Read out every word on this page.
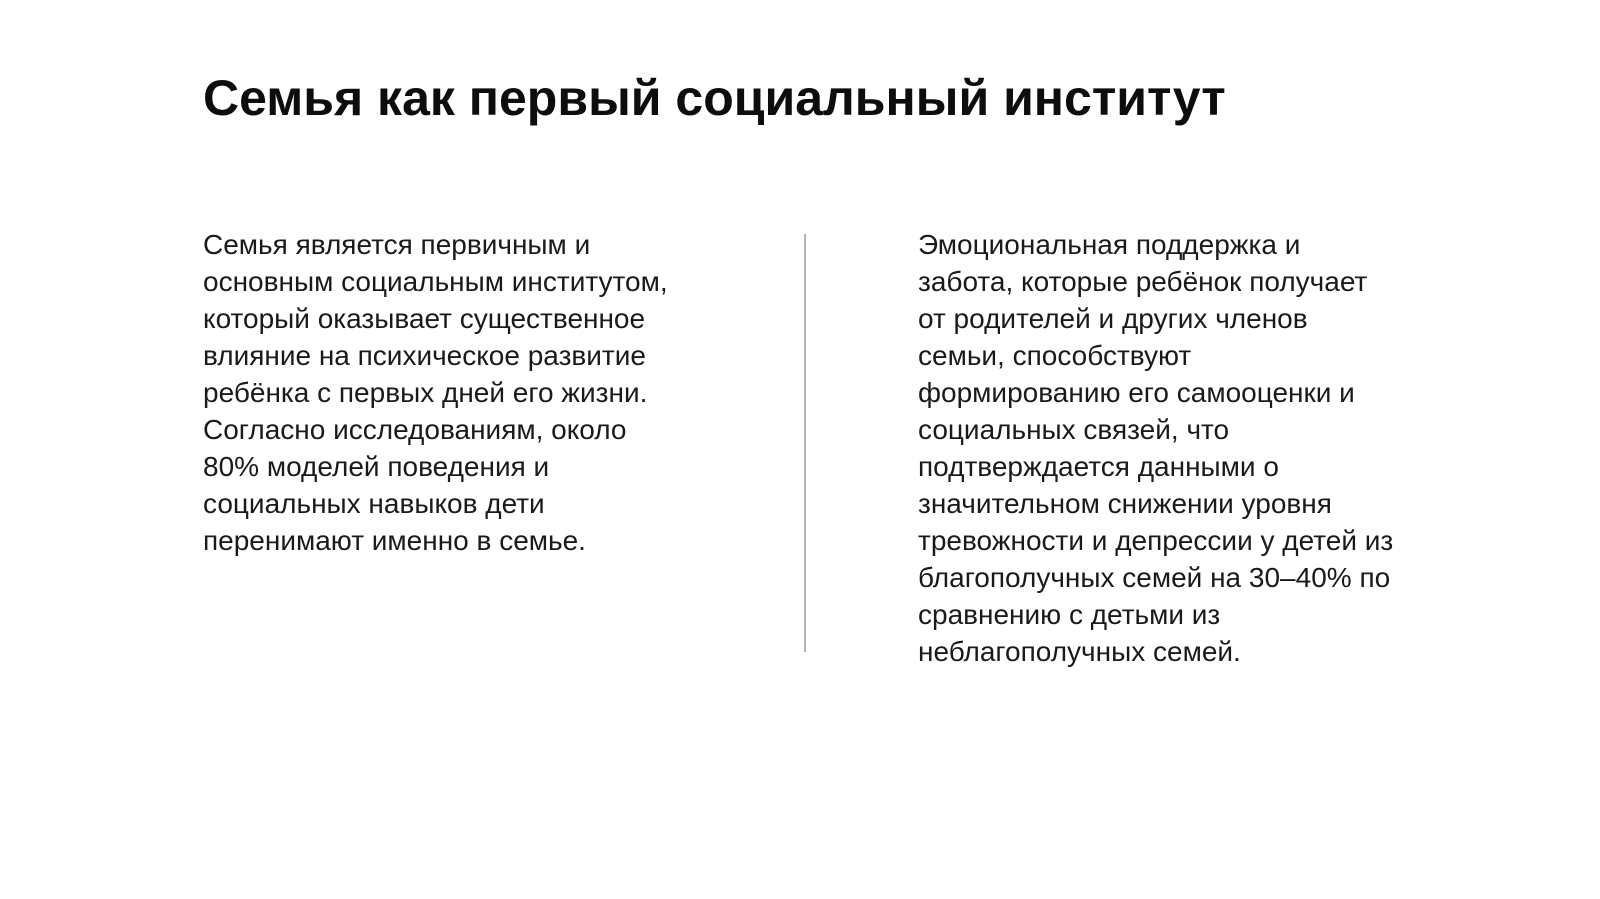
Семья как первый социальный институт

Семья является первичным и
основным социальным институтом,
который оказывает существенное
влияние на психическое развитие
ребёнка с первых дней его жизни.
Согласно исследованиям, около
80% моделей поведения и
социальных навыков дети
перенимают именно в семье.

Эмоциональная поддержка и
забота, которые ребёнок получает
от родителей и других членов
семьи, способствуют
формированию его самооценки и
социальных связей, что
подтверждается данными о
значительном снижении уровня
тревожности и депрессии у детей из
благополучных семей на 30–40% по
сравнению с детьми из
неблагополучных семей.
